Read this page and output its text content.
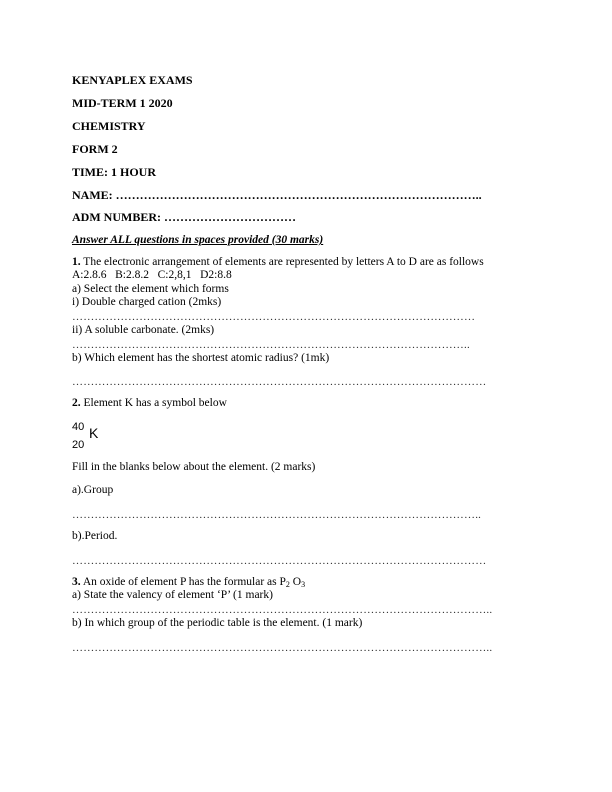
KENYAPLEX EXAMS
MID-TERM 1 2020
CHEMISTRY
FORM 2
TIME: 1 HOUR
NAME: ………………………………………………………………………………..
ADM NUMBER: ……………………………
Answer ALL questions in spaces provided (30 marks)
1. The electronic arrangement of elements are represented by letters A to D are as follows
A:2.8.6   B:2.8.2   C:2,8,1   D2:8.8
a) Select the element which forms
i) Double charged cation (2mks)
………………………………………………………………………………………………
ii) A soluble carbonate. (2mks)
……………………………………………………………………………………………..
b) Which element has the shortest atomic radius? (1mk)
…………………………………………………………………………………………………
2. Element K has a symbol below
40
20
K
Fill in the blanks below about the element. (2 marks)
a).Group
………………………………………………………………………………………………..
b).Period.
…………………………………………………………………………………………………
3. An oxide of element P has the formular as $P_2$ $O_3$
a) State the valency of element ‘P’ (1 mark)
…………………………………………………………………………………………………..
b) In which group of the periodic table is the element. (1 mark)
…………………………………………………………………………………………………..
